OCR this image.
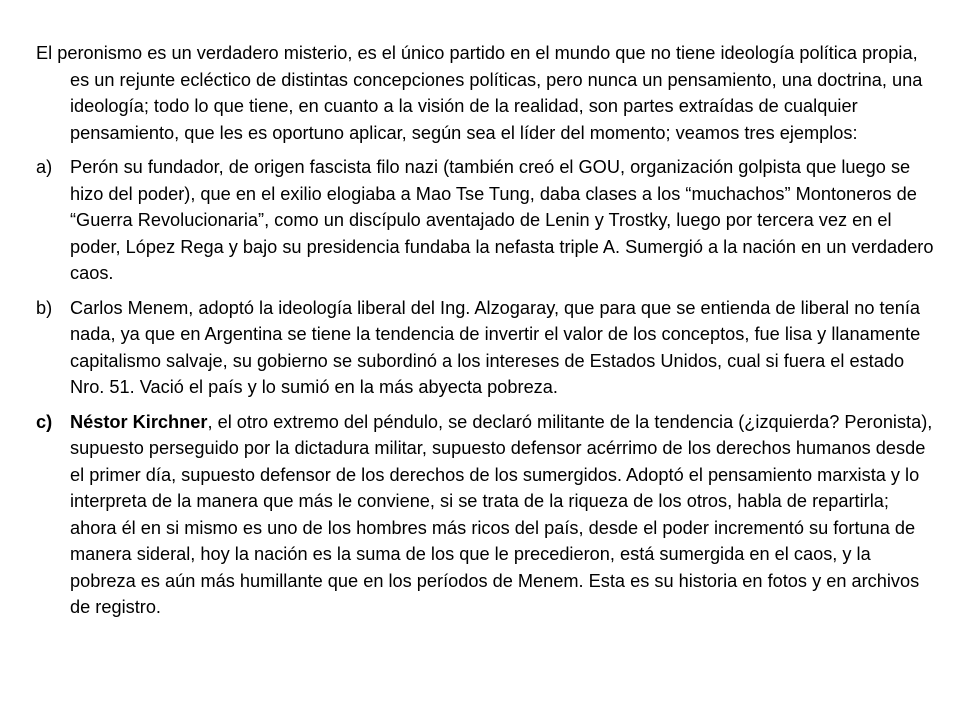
El peronismo es un verdadero misterio, es el único partido en el mundo que no tiene ideología política propia, es un rejunte ecléctico de distintas concepciones políticas, pero nunca un pensamiento, una doctrina, una ideología; todo lo que tiene, en cuanto a la visión de la realidad, son partes extraídas de cualquier pensamiento, que les es oportuno aplicar, según sea el líder del momento; veamos tres ejemplos:

a) Perón su fundador, de origen fascista filo nazi (también creó el GOU, organización golpista que luego se hizo del poder), que en el exilio elogiaba a Mao Tse Tung, daba clases a los “muchachos” Montoneros de “Guerra Revolucionaria”, como un discípulo aventajado de Lenin y Trostky, luego por tercera vez en el poder, López Rega y bajo su presidencia fundaba la nefasta triple A. Sumergió a la nación en un verdadero caos.
b) Carlos Menem, adoptó la ideología liberal del Ing. Alzogaray, que para que se entienda de liberal no tenía nada, ya que en Argentina se tiene la tendencia de invertir el valor de los conceptos, fue lisa y llanamente capitalismo salvaje, su gobierno se subordinó a los intereses de Estados Unidos, cual si fuera el estado Nro. 51. Vació el país y lo sumió en la más abyecta pobreza.
c) Néstor Kirchner, el otro extremo del péndulo, se declaró militante de la tendencia (¿izquierda? Peronista), supuesto perseguido por la dictadura militar, supuesto defensor acérrimo de los derechos humanos desde el primer día, supuesto defensor de los derechos de los sumergidos. Adoptó el pensamiento marxista y lo interpreta de la manera que más le conviene, si se trata de la riqueza de los otros, habla de repartirla; ahora él en si mismo es uno de los hombres más ricos del país, desde el poder incrementó su fortuna de manera sideral, hoy la nación es la suma de los que le precedieron, está sumergida en el caos, y la pobreza es aún más humillante que en los períodos de Menem. Esta es su historia en fotos y en archivos de registro.
